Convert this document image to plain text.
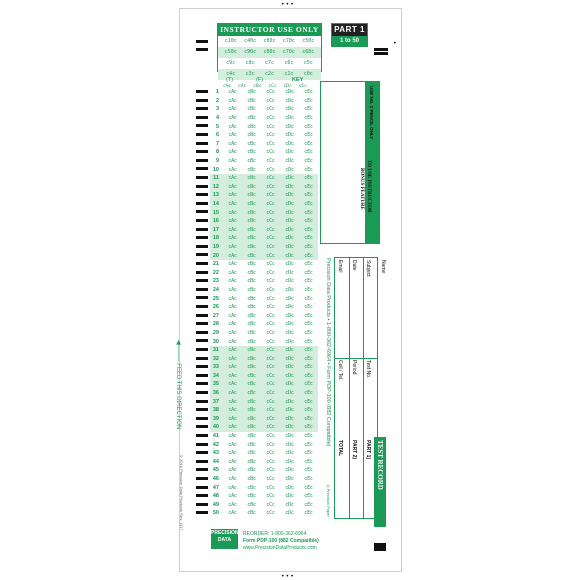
•••
•••
•
INSTRUCTOR USE ONLY
c10c	c40c	c80c	c70c	c50c
c50c	c90c	c80c	c70c	c60c
c9c	c8c	c7c	c6c	c5c
c4c	c3c	c2c	c1c	c0c
PART 1
1 to 50
(T)	(F)	KEY
c%c cAc cBc cCc cDc cEc
1	cAc	cBc	cCc	cDc	cEc
2	cAc	cBc	cCc	cDc	cEc
3	cAc	cBc	cCc	cDc	cEc
4	cAc	cBc	cCc	cDc	cEc
5	cAc	cBc	cCc	cDc	cEc
6	cAc	cBc	cCc	cDc	cEc
7	cAc	cBc	cCc	cDc	cEc
8	cAc	cBc	cCc	cDc	cEc
9	cAc	cBc	cCc	cDc	cEc
10	cAc	cBc	cCc	cDc	cEc
11	cAc	cBc	cCc	cDc	cEc
12	cAc	cBc	cCc	cDc	cEc
13	cAc	cBc	cCc	cDc	cEc
14	cAc	cBc	cCc	cDc	cEc
15	cAc	cBc	cCc	cDc	cEc
16	cAc	cBc	cCc	cDc	cEc
17	cAc	cBc	cCc	cDc	cEc
18	cAc	cBc	cCc	cDc	cEc
19	cAc	cBc	cCc	cDc	cEc
20	cAc	cBc	cCc	cDc	cEc
21	cAc	cBc	cCc	cDc	cEc
22	cAc	cBc	cCc	cDc	cEc
23	cAc	cBc	cCc	cDc	cEc
24	cAc	cBc	cCc	cDc	cEc
25	cAc	cBc	cCc	cDc	cEc
26	cAc	cBc	cCc	cDc	cEc
27	cAc	cBc	cCc	cDc	cEc
28	cAc	cBc	cCc	cDc	cEc
29	cAc	cBc	cCc	cDc	cEc
30	cAc	cBc	cCc	cDc	cEc
31	cAc	cBc	cCc	cDc	cEc
32	cAc	cBc	cCc	cDc	cEc
33	cAc	cBc	cCc	cDc	cEc
34	cAc	cBc	cCc	cDc	cEc
35	cAc	cBc	cCc	cDc	cEc
36	cAc	cBc	cCc	cDc	cEc
37	cAc	cBc	cCc	cDc	cEc
38	cAc	cBc	cCc	cDc	cEc
39	cAc	cBc	cCc	cDc	cEc
40	cAc	cBc	cCc	cDc	cEc
41	cAc	cBc	cCc	cDc	cEc
42	cAc	cBc	cCc	cDc	cEc
43	cAc	cBc	cCc	cDc	cEc
44	cAc	cBc	cCc	cDc	cEc
45	cAc	cBc	cCc	cDc	cEc
46	cAc	cBc	cCc	cDc	cEc
47	cAc	cBc	cCc	cDc	cEc
48	cAc	cBc	cCc	cDc	cEc
49	cAc	cBc	cCc	cDc	cEc
50	cAc	cBc	cCc	cDc	cEc
◀──── FEED THIS DIRECTION
© 2016 Precision Data Products Rev. 1117
MARKING INSTRUCTIONS
USE NO. 2 PENCIL ONLY
TO USE INSTRUCTOR
BONUS FEATURE
Precision Data Products • 1-800-362-6964 • Form PDP-100 (882 Compatible)	Name
Subject
Date
Email
Test No.
Period
Cell / Tel.
TEST RECORD
PART 1)
PART 2)
TOTAL
◎ Precision Paper
PRECISION
DATA
REORDER: 1-800-362-6964
Form PDP-100 (882 Compatible)
www.PrecisionDataProducts.com
